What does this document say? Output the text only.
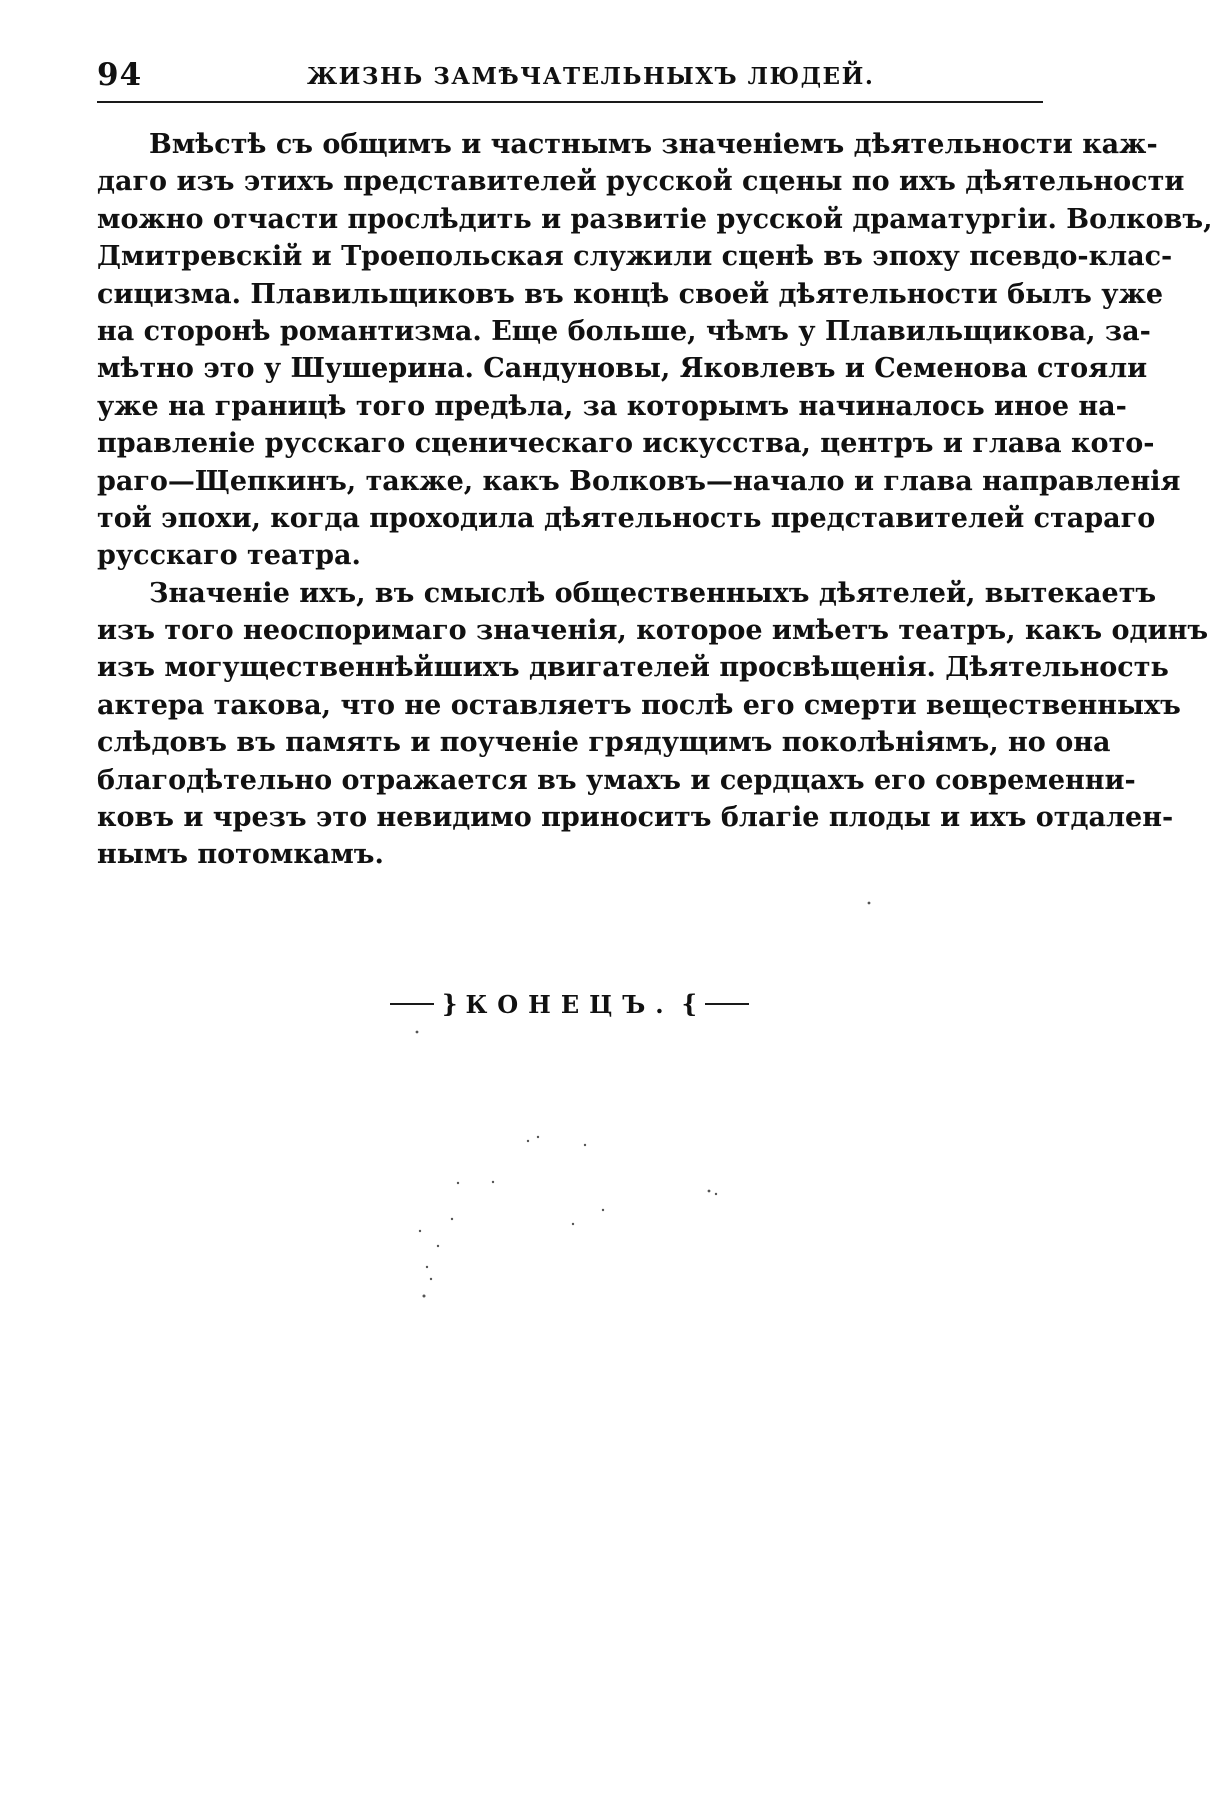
94	ЖИЗНЬ ЗАМѢЧАТЕЛЬНЫХЪ ЛЮДЕЙ.
Вмѣстѣ съ общимъ и частнымъ значеніемъ дѣятельности каж-
даго изъ этихъ представителей русской сцены по ихъ дѣятельности
можно отчасти прослѣдить и развитіе русской драматургіи. Волковъ,
Дмитревскій и Троепольская служили сценѣ въ эпоху псевдо-клас-
сицизма. Плавильщиковъ въ концѣ своей дѣятельности былъ уже
на сторонѣ романтизма. Еще больше, чѣмъ у Плавильщикова, за-
мѣтно это у Шушерина. Сандуновы, Яковлевъ и Семенова стояли
уже на границѣ того предѣла, за которымъ начиналось иное на-
правленіе русскаго сценическаго искусства, центръ и глава кото-
раго—Щепкинъ, также, какъ Волковъ—начало и глава направленія
той эпохи, когда проходила дѣятельность представителей стараго
русскаго театра.
Значеніе ихъ, въ смыслѣ общественныхъ дѣятелей, вытекаетъ
изъ того неоспоримаго значенія, которое имѣетъ театръ, какъ одинъ
изъ могущественнѣйшихъ двигателей просвѣщенія. Дѣятельность
актера такова, что не оставляетъ послѣ его смерти вещественныхъ
слѣдовъ въ память и поученіе грядущимъ поколѣніямъ, но она
благодѣтельно отражается въ умахъ и сердцахъ его современни-
ковъ и чрезъ это невидимо приноситъ благіе плоды и ихъ отдален-
нымъ потомкамъ.
} КОНЕЦЪ. {
